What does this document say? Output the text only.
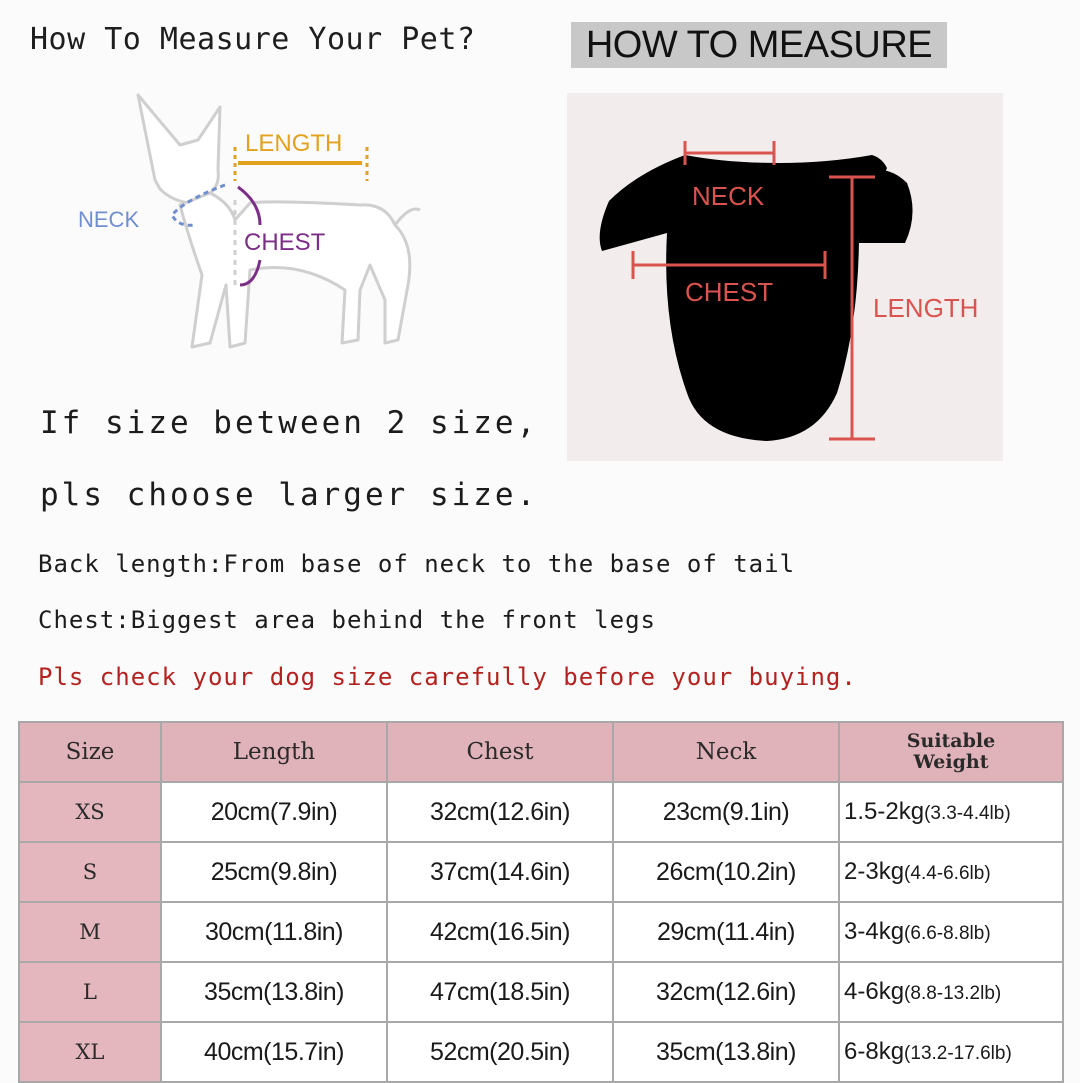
How To Measure Your Pet?	HOW TO MEASURE
LENGTH
NECK
CHEST
NECK
CHEST
LENGTH
If size between 2 size,
pls choose larger size.
Back length:From base of neck to the base of tail
Chest:Biggest area behind the front legs
Pls check your dog size carefully before your buying.
Size	Length	Chest	Neck	Suitable
Weight
XS	20cm(7.9in)	32cm(12.6in)	23cm(9.1in)	1.5-2kg(3.3-4.4lb)
S	25cm(9.8in)	37cm(14.6in)	26cm(10.2in)	2-3kg(4.4-6.6lb)
M	30cm(11.8in)	42cm(16.5in)	29cm(11.4in)	3-4kg(6.6-8.8lb)
L	35cm(13.8in)	47cm(18.5in)	32cm(12.6in)	4-6kg(8.8-13.2lb)
XL	40cm(15.7in)	52cm(20.5in)	35cm(13.8in)	6-8kg(13.2-17.6lb)
